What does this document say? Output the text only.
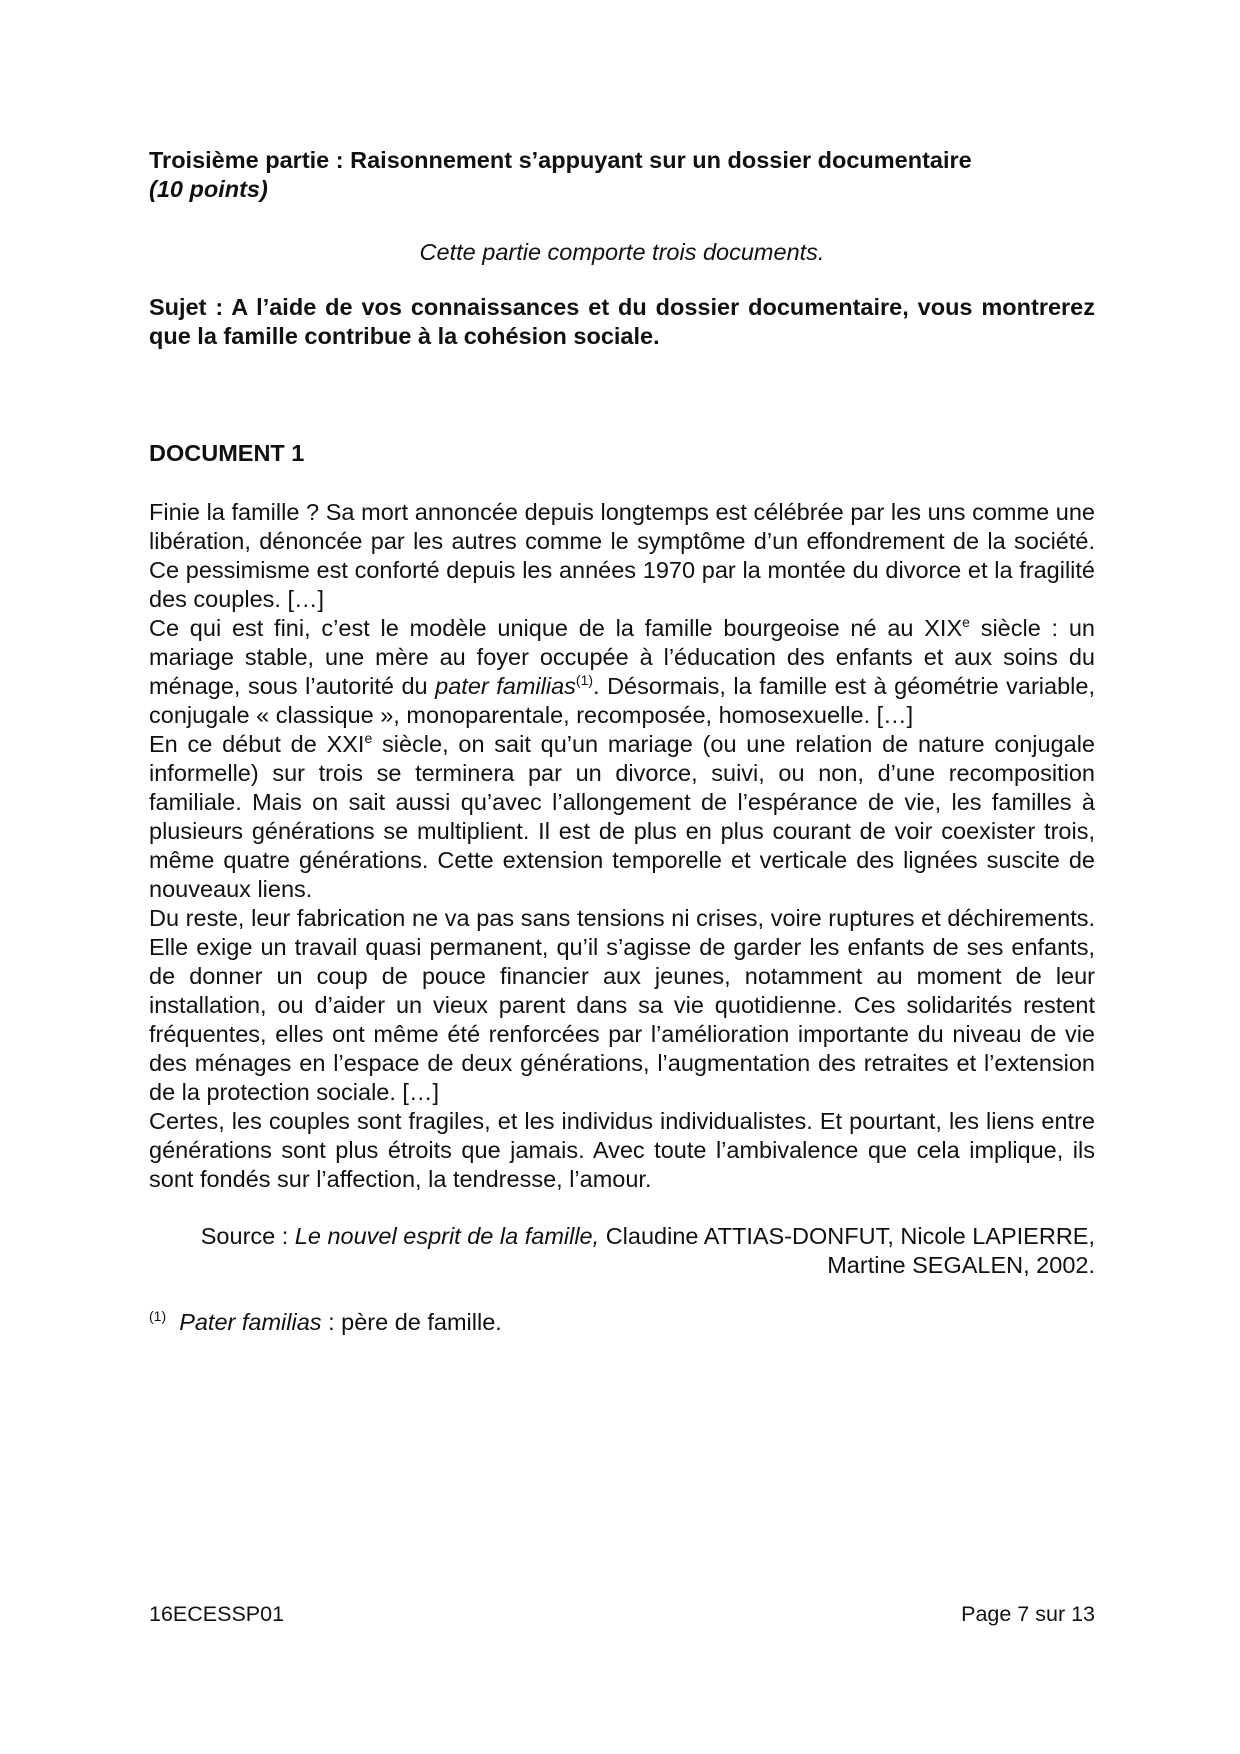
Troisième partie : Raisonnement s’appuyant sur un dossier documentaire

(10 points)

Cette partie comporte trois documents.

Sujet : A l’aide de vos connaissances et du dossier documentaire, vous montrerez que la famille contribue à la cohésion sociale.

DOCUMENT 1

Finie la famille ? Sa mort annoncée depuis longtemps est célébrée par les uns comme une libération, dénoncée par les autres comme le symptôme d’un effondrement de la société. Ce pessimisme est conforté depuis les années 1970 par la montée du divorce et la fragilité des couples. […]

Ce qui est fini, c’est le modèle unique de la famille bourgeoise né au XIXe siècle : un mariage stable, une mère au foyer occupée à l’éducation des enfants et aux soins du ménage, sous l’autorité du pater familias$^{(1)}$. Désormais, la famille est à géométrie variable, conjugale « classique », monoparentale, recomposée, homosexuelle. […]

En ce début de XXIe siècle, on sait qu’un mariage (ou une relation de nature conjugale informelle) sur trois se terminera par un divorce, suivi, ou non, d’une recomposition familiale. Mais on sait aussi qu’avec l’allongement de l’espérance de vie, les familles à plusieurs générations se multiplient. Il est de plus en plus courant de voir coexister trois, même quatre générations. Cette extension temporelle et verticale des lignées suscite de nouveaux liens.

Du reste, leur fabrication ne va pas sans tensions ni crises, voire ruptures et déchirements. Elle exige un travail quasi permanent, qu’il s’agisse de garder les enfants de ses enfants, de donner un coup de pouce financier aux jeunes, notamment au moment de leur installation, ou d’aider un vieux parent dans sa vie quotidienne. Ces solidarités restent fréquentes, elles ont même été renforcées par l’amélioration importante du niveau de vie des ménages en l’espace de deux générations, l’augmentation des retraites et l’extension de la protection sociale. […]

Certes, les couples sont fragiles, et les individus individualistes. Et pourtant, les liens entre générations sont plus étroits que jamais. Avec toute l’ambivalence que cela implique, ils sont fondés sur l’affection, la tendresse, l’amour.

Source : Le nouvel esprit de la famille, Claudine ATTIAS-DONFUT, Nicole LAPIERRE,
Martine SEGALEN, 2002.

$^{(1)}$ Pater familias : père de famille.

16ECESSP01	Page 7 sur 13
